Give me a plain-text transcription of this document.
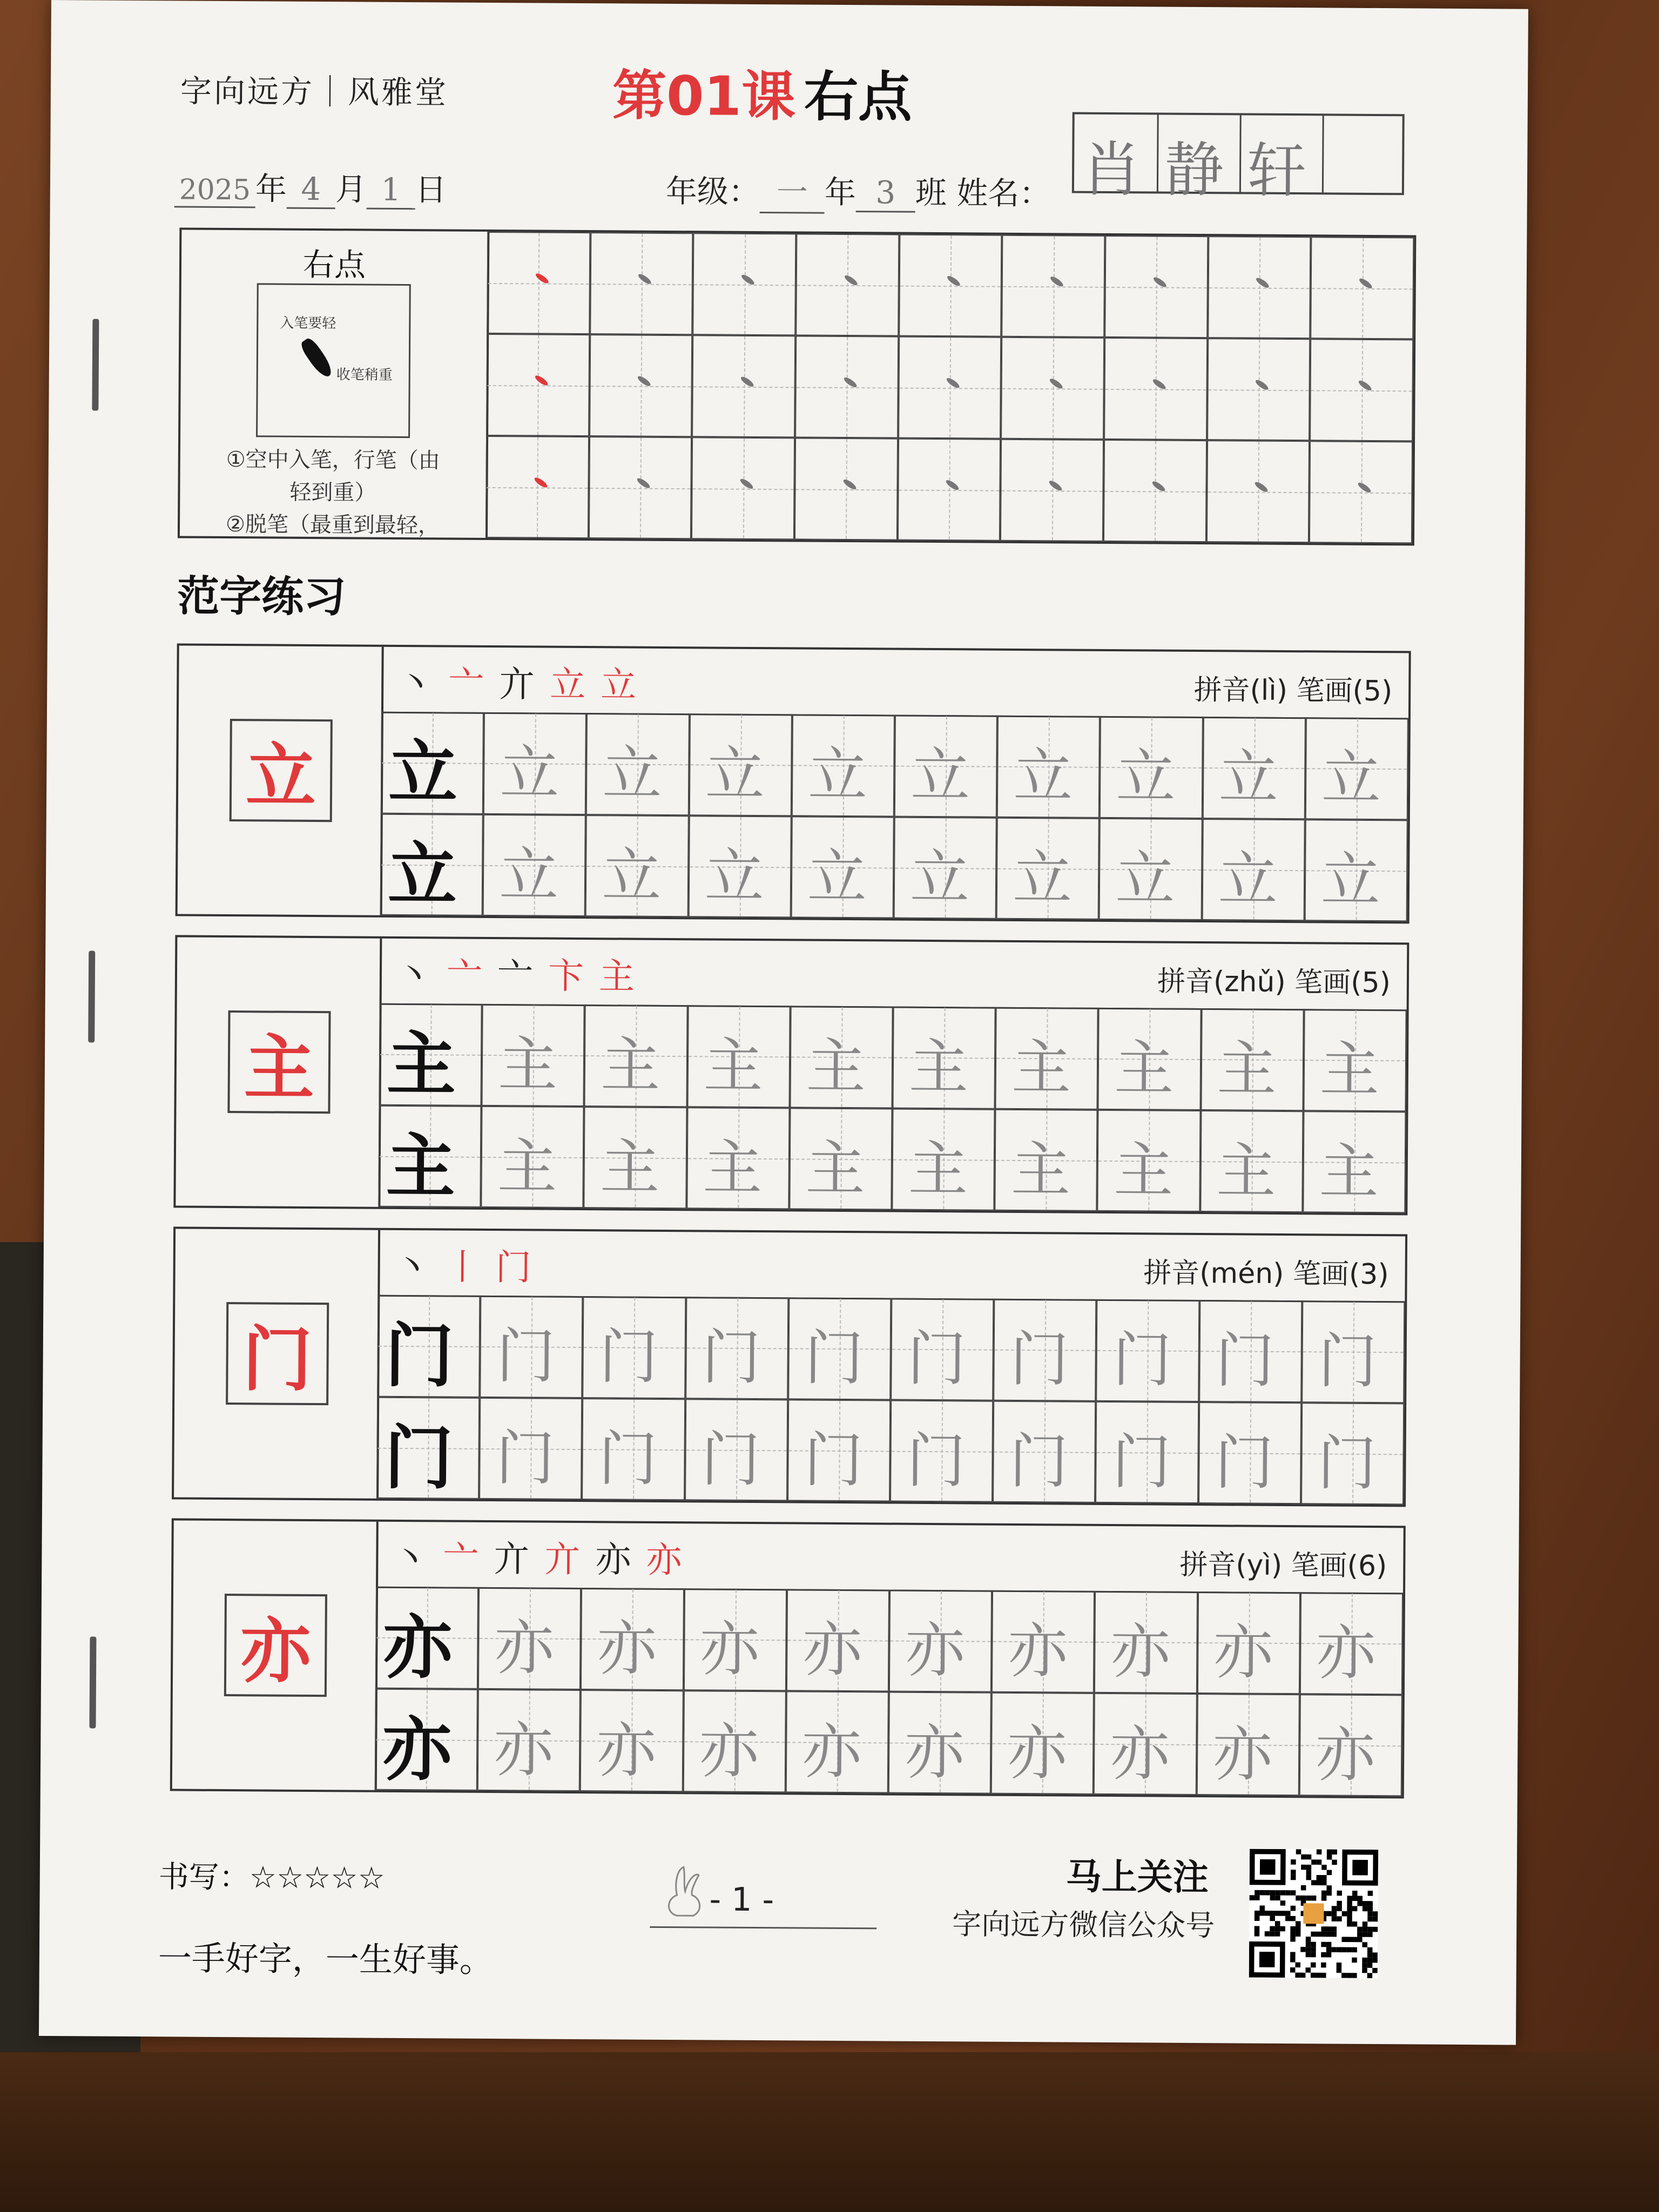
字向远方｜风雅堂	第01课 右点
2025 年 4 月 1 日	年级： 一 年 3 班 姓名： 肖 静 轩
右点
入笔要轻
收笔稍重
①空中入笔，行笔（由
轻到重）
②脱笔（最重到最轻，
范字练习
立
丶亠亣立立	拼音(lì) 笔画(5)
立 立 立 立 立 立 立 立 立 立
立 立 立 立 立 立 立 立 立 立
主
丶亠亠卞主	拼音(zhǔ) 笔画(5)
主 主 主 主 主 主 主 主 主 主
主 主 主 主 主 主 主 主 主 主
门
丶丨门	拼音(mén) 笔画(3)
门 门 门 门 门 门 门 门 门 门
门 门 门 门 门 门 门 门 门 门
亦
丶亠亣亣亦亦	拼音(yì) 笔画(6)
亦 亦 亦 亦 亦 亦 亦 亦 亦 亦
亦 亦 亦 亦 亦 亦 亦 亦 亦 亦
书写：☆☆☆☆☆
一手好字，一生好事。
- 1 -
马上关注
字向远方微信公众号
